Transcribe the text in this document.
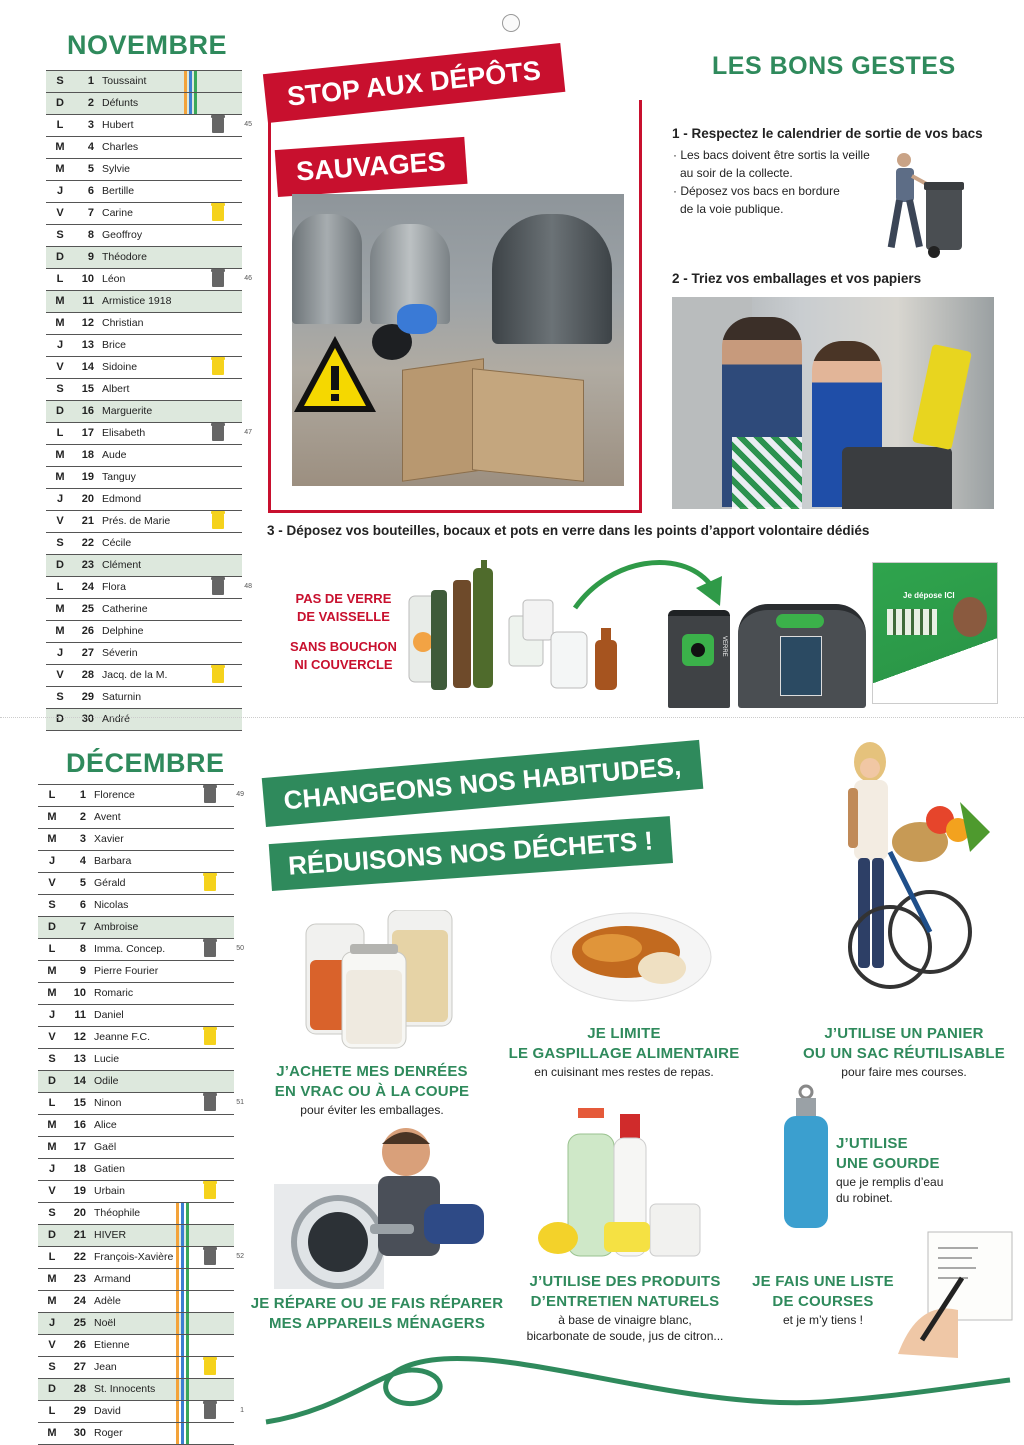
NOVEMBRE
S	1 Toussaint
D	2 Défunts
L	3 Hubert	45
M	4 Charles
M	5 Sylvie
J	6 Bertille
V	7 Carine
S	8 Geoffroy
D	9 Théodore
L	10 Léon	46
M	11 Armistice 1918
M	12 Christian
J	13 Brice
V	14 Sidoine
S	15 Albert
D	16 Marguerite
L	17 Elisabeth	47
M	18 Aude
M	19 Tanguy
J	20 Edmond
V	21 Prés. de Marie
S	22 Cécile
D	23 Clément
L	24 Flora	48
M	25 Catherine
M	26 Delphine
J	27 Séverin
V	28 Jacq. de la M.
S	29 Saturnin
D	30 André
DÉCEMBRE
L	1 Florence	49
M	2 Avent
M	3 Xavier
J	4 Barbara
V	5 Gérald
S	6 Nicolas
D	7 Ambroise
L	8 Imma. Concep.	50
M	9 Pierre Fourier
M	10 Romaric
J	11 Daniel
V	12 Jeanne F.C.
S	13 Lucie
D	14 Odile
L	15 Ninon	51
M	16 Alice
M	17 Gaël
J	18 Gatien
V	19 Urbain
S	20 Théophile
D	21 HIVER
L	22 François-Xavière	52
M	23 Armand
M	24 Adèle
J	25 Noël
V	26 Etienne
S	27 Jean
D	28 St. Innocents
L	29 David	1
M	30 Roger
STOP AUX DÉPÔTS
SAUVAGES
LES BONS GESTES
1 - Respectez le calendrier de sortie de vos bacs
· Les bacs doivent être sortis la veille
au soir de la collecte.
· Déposez vos bacs en bordure
de la voie publique.
2 - Triez vos emballages et vos papiers
3 - Déposez vos bouteilles, bocaux et pots en verre dans les points d’apport volontaire dédiés
PAS DE VERRE
DE VAISSELLE
SANS BOUCHON
NI COUVERCLE
VERRE
Je dépose ICI
CHANGEONS NOS HABITUDES,
RÉDUISONS NOS DÉCHETS !
J’ACHETE MES DENRÉES
EN VRAC OU À LA COUPE
pour éviter les emballages.
JE LIMITE
LE GASPILLAGE ALIMENTAIRE
en cuisinant mes restes de repas.
J’UTILISE UN PANIER
OU UN SAC RÉUTILISABLE
pour faire mes courses.
J’UTILISE
UNE GOURDE
que je remplis d’eau
du robinet.
JE RÉPARE OU JE FAIS RÉPARER
MES APPAREILS MÉNAGERS
J’UTILISE DES PRODUITS
D’ENTRETIEN NATURELS
à base de vinaigre blanc,
bicarbonate de soude, jus de citron...
JE FAIS UNE LISTE
DE COURSES
et je m’y tiens !
